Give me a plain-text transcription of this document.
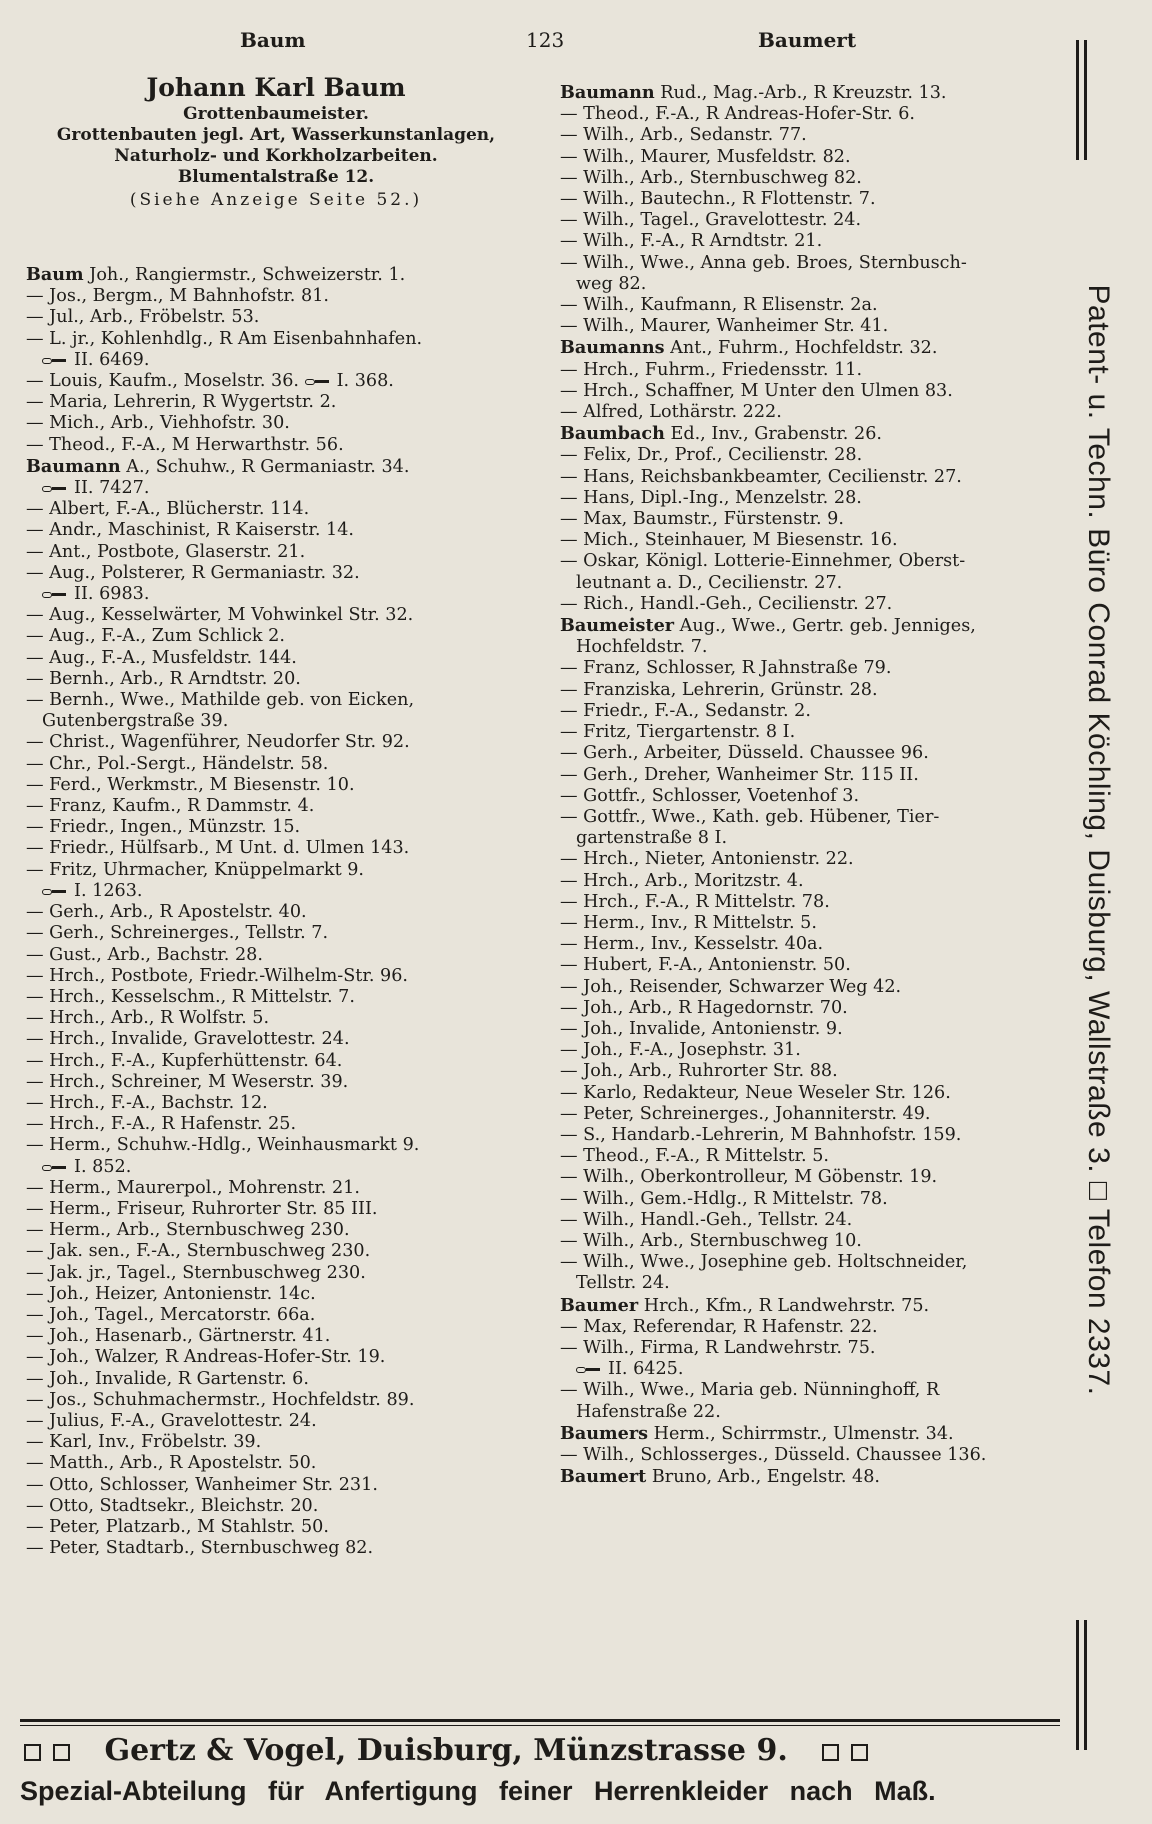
Baum	123	Baumert
Johann Karl Baum
Grottenbaumeister.
Grottenbauten jegl. Art, Wasserkunstanlagen,
Naturholz- und Korkholzarbeiten.
Blumentalstraße 12.
(Siehe Anzeige Seite 52.)
Baum Joh., Rangiermstr., Schweizerstr. 1.
— Jos., Bergm., M Bahnhofstr. 81.
— Jul., Arb., Fröbelstr. 53.
— L. jr., Kohlenhdlg., R Am Eisenbahnhafen.
II. 6469.
— Louis, Kaufm., Moselstr. 36. I. 368.
— Maria, Lehrerin, R Wygertstr. 2.
— Mich., Arb., Viehhofstr. 30.
— Theod., F.-A., M Herwarthstr. 56.
Baumann A., Schuhw., R Germaniastr. 34.
II. 7427.
— Albert, F.-A., Blücherstr. 114.
— Andr., Maschinist, R Kaiserstr. 14.
— Ant., Postbote, Glaserstr. 21.
— Aug., Polsterer, R Germaniastr. 32.
II. 6983.
— Aug., Kesselwärter, M Vohwinkel Str. 32.
— Aug., F.-A., Zum Schlick 2.
— Aug., F.-A., Musfeldstr. 144.
— Bernh., Arb., R Arndtstr. 20.
— Bernh., Wwe., Mathilde geb. von Eicken,
Gutenbergstraße 39.
— Christ., Wagenführer, Neudorfer Str. 92.
— Chr., Pol.-Sergt., Händelstr. 58.
— Ferd., Werkmstr., M Biesenstr. 10.
— Franz, Kaufm., R Dammstr. 4.
— Friedr., Ingen., Münzstr. 15.
— Friedr., Hülfsarb., M Unt. d. Ulmen 143.
— Fritz, Uhrmacher, Knüppelmarkt 9.
I. 1263.
— Gerh., Arb., R Apostelstr. 40.
— Gerh., Schreinerges., Tellstr. 7.
— Gust., Arb., Bachstr. 28.
— Hrch., Postbote, Friedr.-Wilhelm-Str. 96.
— Hrch., Kesselschm., R Mittelstr. 7.
— Hrch., Arb., R Wolfstr. 5.
— Hrch., Invalide, Gravelottestr. 24.
— Hrch., F.-A., Kupferhüttenstr. 64.
— Hrch., Schreiner, M Weserstr. 39.
— Hrch., F.-A., Bachstr. 12.
— Hrch., F.-A., R Hafenstr. 25.
— Herm., Schuhw.-Hdlg., Weinhausmarkt 9.
I. 852.
— Herm., Maurerpol., Mohrenstr. 21.
— Herm., Friseur, Ruhrorter Str. 85 III.
— Herm., Arb., Sternbuschweg 230.
— Jak. sen., F.-A., Sternbuschweg 230.
— Jak. jr., Tagel., Sternbuschweg 230.
— Joh., Heizer, Antonienstr. 14c.
— Joh., Tagel., Mercatorstr. 66a.
— Joh., Hasenarb., Gärtnerstr. 41.
— Joh., Walzer, R Andreas-Hofer-Str. 19.
— Joh., Invalide, R Gartenstr. 6.
— Jos., Schuhmachermstr., Hochfeldstr. 89.
— Julius, F.-A., Gravelottestr. 24.
— Karl, Inv., Fröbelstr. 39.
— Matth., Arb., R Apostelstr. 50.
— Otto, Schlosser, Wanheimer Str. 231.
— Otto, Stadtsekr., Bleichstr. 20.
— Peter, Platzarb., M Stahlstr. 50.
— Peter, Stadtarb., Sternbuschweg 82.
Baumann Rud., Mag.-Arb., R Kreuzstr. 13.
— Theod., F.-A., R Andreas-Hofer-Str. 6.
— Wilh., Arb., Sedanstr. 77.
— Wilh., Maurer, Musfeldstr. 82.
— Wilh., Arb., Sternbuschweg 82.
— Wilh., Bautechn., R Flottenstr. 7.
— Wilh., Tagel., Gravelottestr. 24.
— Wilh., F.-A., R Arndtstr. 21.
— Wilh., Wwe., Anna geb. Broes, Sternbusch-
weg 82.
— Wilh., Kaufmann, R Elisenstr. 2a.
— Wilh., Maurer, Wanheimer Str. 41.
Baumanns Ant., Fuhrm., Hochfeldstr. 32.
— Hrch., Fuhrm., Friedensstr. 11.
— Hrch., Schaffner, M Unter den Ulmen 83.
— Alfred, Lothärstr. 222.
Baumbach Ed., Inv., Grabenstr. 26.
— Felix, Dr., Prof., Cecilienstr. 28.
— Hans, Reichsbankbeamter, Cecilienstr. 27.
— Hans, Dipl.-Ing., Menzelstr. 28.
— Max, Baumstr., Fürstenstr. 9.
— Mich., Steinhauer, M Biesenstr. 16.
— Oskar, Königl. Lotterie-Einnehmer, Oberst-
leutnant a. D., Cecilienstr. 27.
— Rich., Handl.-Geh., Cecilienstr. 27.
Baumeister Aug., Wwe., Gertr. geb. Jenniges,
Hochfeldstr. 7.
— Franz, Schlosser, R Jahnstraße 79.
— Franziska, Lehrerin, Grünstr. 28.
— Friedr., F.-A., Sedanstr. 2.
— Fritz, Tiergartenstr. 8 I.
— Gerh., Arbeiter, Düsseld. Chaussee 96.
— Gerh., Dreher, Wanheimer Str. 115 II.
— Gottfr., Schlosser, Voetenhof 3.
— Gottfr., Wwe., Kath. geb. Hübener, Tier-
gartenstraße 8 I.
— Hrch., Nieter, Antonienstr. 22.
— Hrch., Arb., Moritzstr. 4.
— Hrch., F.-A., R Mittelstr. 78.
— Herm., Inv., R Mittelstr. 5.
— Herm., Inv., Kesselstr. 40a.
— Hubert, F.-A., Antonienstr. 50.
— Joh., Reisender, Schwarzer Weg 42.
— Joh., Arb., R Hagedornstr. 70.
— Joh., Invalide, Antonienstr. 9.
— Joh., F.-A., Josephstr. 31.
— Joh., Arb., Ruhrorter Str. 88.
— Karlo, Redakteur, Neue Weseler Str. 126.
— Peter, Schreinerges., Johanniterstr. 49.
— S., Handarb.-Lehrerin, M Bahnhofstr. 159.
— Theod., F.-A., R Mittelstr. 5.
— Wilh., Oberkontrolleur, M Göbenstr. 19.
— Wilh., Gem.-Hdlg., R Mittelstr. 78.
— Wilh., Handl.-Geh., Tellstr. 24.
— Wilh., Arb., Sternbuschweg 10.
— Wilh., Wwe., Josephine geb. Holtschneider,
Tellstr. 24.
Baumer Hrch., Kfm., R Landwehrstr. 75.
— Max, Referendar, R Hafenstr. 22.
— Wilh., Firma, R Landwehrstr. 75.
II. 6425.
— Wilh., Wwe., Maria geb. Nünninghoff, R
Hafenstraße 22.
Baumers Herm., Schirrmstr., Ulmenstr. 34.
— Wilh., Schlosserges., Düsseld. Chaussee 136.
Baumert Bruno, Arb., Engelstr. 48.
Patent- u. Techn. Büro Conrad Köchling, Duisburg, Wallstraße 3. □ Telefon 2337.
Gertz & Vogel, Duisburg, Münzstrasse 9.
Spezial-Abteilung für Anfertigung feiner Herrenkleider nach Maß.
